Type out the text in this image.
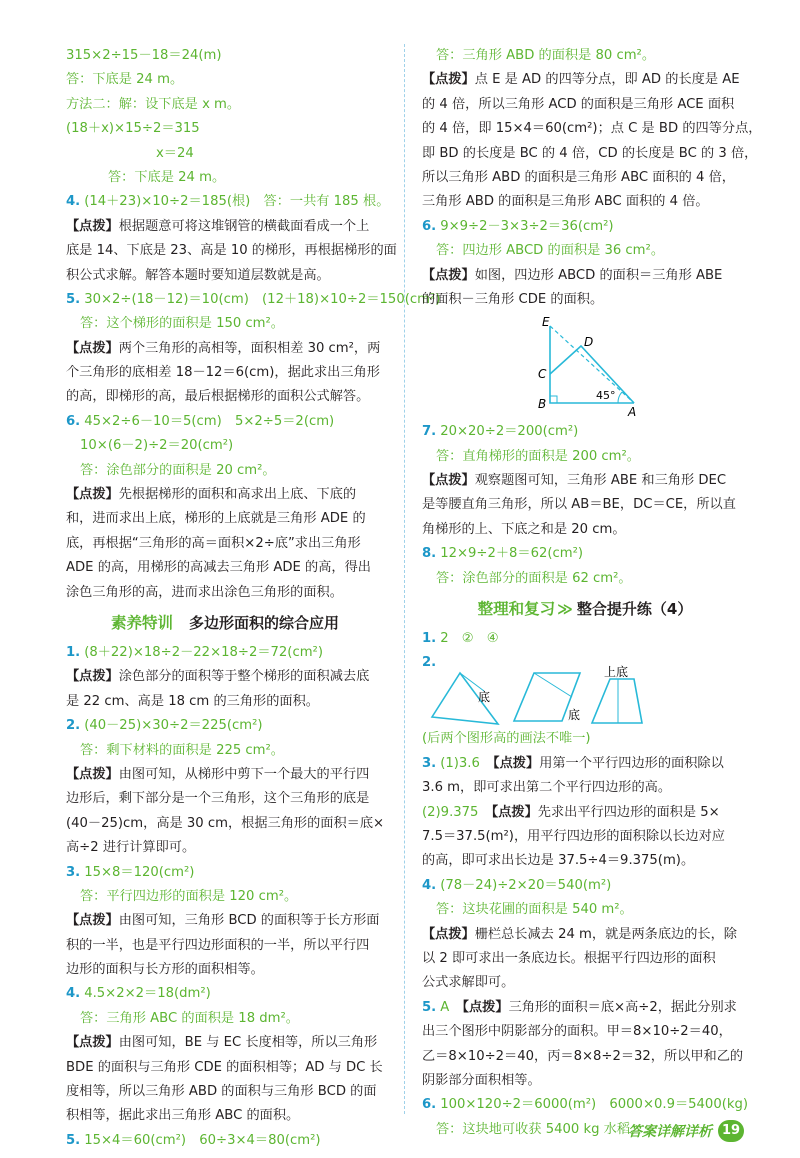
315×2÷15－18＝24(m)
答：下底是 24 m。
方法二：解：设下底是 x m。
(18＋x)×15÷2＝315
x＝24
答：下底是 24 m。
4. (14＋23)×10÷2＝185(根)　答：一共有 185 根。
【点拨】根据题意可将这堆钢管的横截面看成一个上
底是 14、下底是 23、高是 10 的梯形，再根据梯形的面
积公式求解。解答本题时要知道层数就是高。
5. 30×2÷(18－12)＝10(cm)　(12＋18)×10÷2＝150(cm²)
答：这个梯形的面积是 150 cm²。
【点拨】两个三角形的高相等，面积相差 30 cm²，两
个三角形的底相差 18－12＝6(cm)，据此求出三角形
的高，即梯形的高，最后根据梯形的面积公式解答。
6. 45×2÷6－10＝5(cm)　5×2÷5＝2(cm)
10×(6－2)÷2＝20(cm²)
答：涂色部分的面积是 20 cm²。
【点拨】先根据梯形的面积和高求出上底、下底的
和，进而求出上底，梯形的上底就是三角形 ADE 的
底，再根据“三角形的高＝面积×2÷底”求出三角形
ADE 的高，用梯形的高减去三角形 ADE 的高，得出
涂色三角形的高，进而求出涂色三角形的面积。
素养特训 多边形面积的综合应用
1. (8＋22)×18÷2－22×18÷2＝72(cm²)
【点拨】涂色部分的面积等于整个梯形的面积减去底
是 22 cm、高是 18 cm 的三角形的面积。
2. (40－25)×30÷2＝225(cm²)
答：剩下材料的面积是 225 cm²。
【点拨】由图可知，从梯形中剪下一个最大的平行四
边形后，剩下部分是一个三角形，这个三角形的底是
(40－25)cm，高是 30 cm，根据三角形的面积＝底×
高÷2 进行计算即可。
3. 15×8＝120(cm²)
答：平行四边形的面积是 120 cm²。
【点拨】由图可知，三角形 BCD 的面积等于长方形面
积的一半，也是平行四边形面积的一半，所以平行四
边形的面积与长方形的面积相等。
4. 4.5×2×2＝18(dm²)
答：三角形 ABC 的面积是 18 dm²。
【点拨】由图可知，BE 与 EC 长度相等，所以三角形
BDE 的面积与三角形 CDE 的面积相等；AD 与 DC 长
度相等，所以三角形 ABD 的面积与三角形 BCD 的面
积相等，据此求出三角形 ABC 的面积。
5. 15×4＝60(cm²)　60÷3×4＝80(cm²)
答：三角形 ABD 的面积是 80 cm²。
【点拨】点 E 是 AD 的四等分点，即 AD 的长度是 AE
的 4 倍，所以三角形 ACD 的面积是三角形 ACE 面积
的 4 倍，即 15×4＝60(cm²)；点 C 是 BD 的四等分点，
即 BD 的长度是 BC 的 4 倍，CD 的长度是 BC 的 3 倍，
所以三角形 ABD 的面积是三角形 ABC 面积的 4 倍，
三角形 ABD 的面积是三角形 ABC 面积的 4 倍。
6. 9×9÷2－3×3÷2＝36(cm²)
答：四边形 ABCD 的面积是 36 cm²。
【点拨】如图，四边形 ABCD 的面积＝三角形 ABE
的面积－三角形 CDE 的面积。
E
D
C
B
A
45°
7. 20×20÷2＝200(cm²)
答：直角梯形的面积是 200 cm²。
【点拨】观察题图可知，三角形 ABE 和三角形 DEC
是等腰直角三角形，所以 AB＝BE，DC＝CE，所以直
角梯形的上、下底之和是 20 cm。
8. 12×9÷2＋8＝62(cm²)
答：涂色部分的面积是 62 cm²。
整理和复习 ≫ 整合提升练（4）
1. 2　②　④
2.
底
底
上底
(后两个图形高的画法不唯一)
3. (1)3.6　 【点拨】用第一个平行四边形的面积除以
3.6 m，即可求出第二个平行四边形的高。
(2)9.375　 【点拨】先求出平行四边形的面积是 5×
7.5＝37.5(m²)，用平行四边形的面积除以长边对应
的高，即可求出长边是 37.5÷4＝9.375(m)。
4. (78－24)÷2×20＝540(m²)
答：这块花圃的面积是 540 m²。
【点拨】栅栏总长减去 24 m，就是两条底边的长，除
以 2 即可求出一条底边长。根据平行四边形的面积
公式求解即可。
5. A　 【点拨】三角形的面积＝底×高÷2，据此分别求
出三个图形中阴影部分的面积。甲＝8×10÷2＝40，
乙＝8×10÷2＝40，丙＝8×8÷2＝32，所以甲和乙的
阴影部分面积相等。
6. 100×120÷2＝6000(m²)　6000×0.9＝5400(kg)
答：这块地可收获 5400 kg 水稻。
答案详解详析 19
